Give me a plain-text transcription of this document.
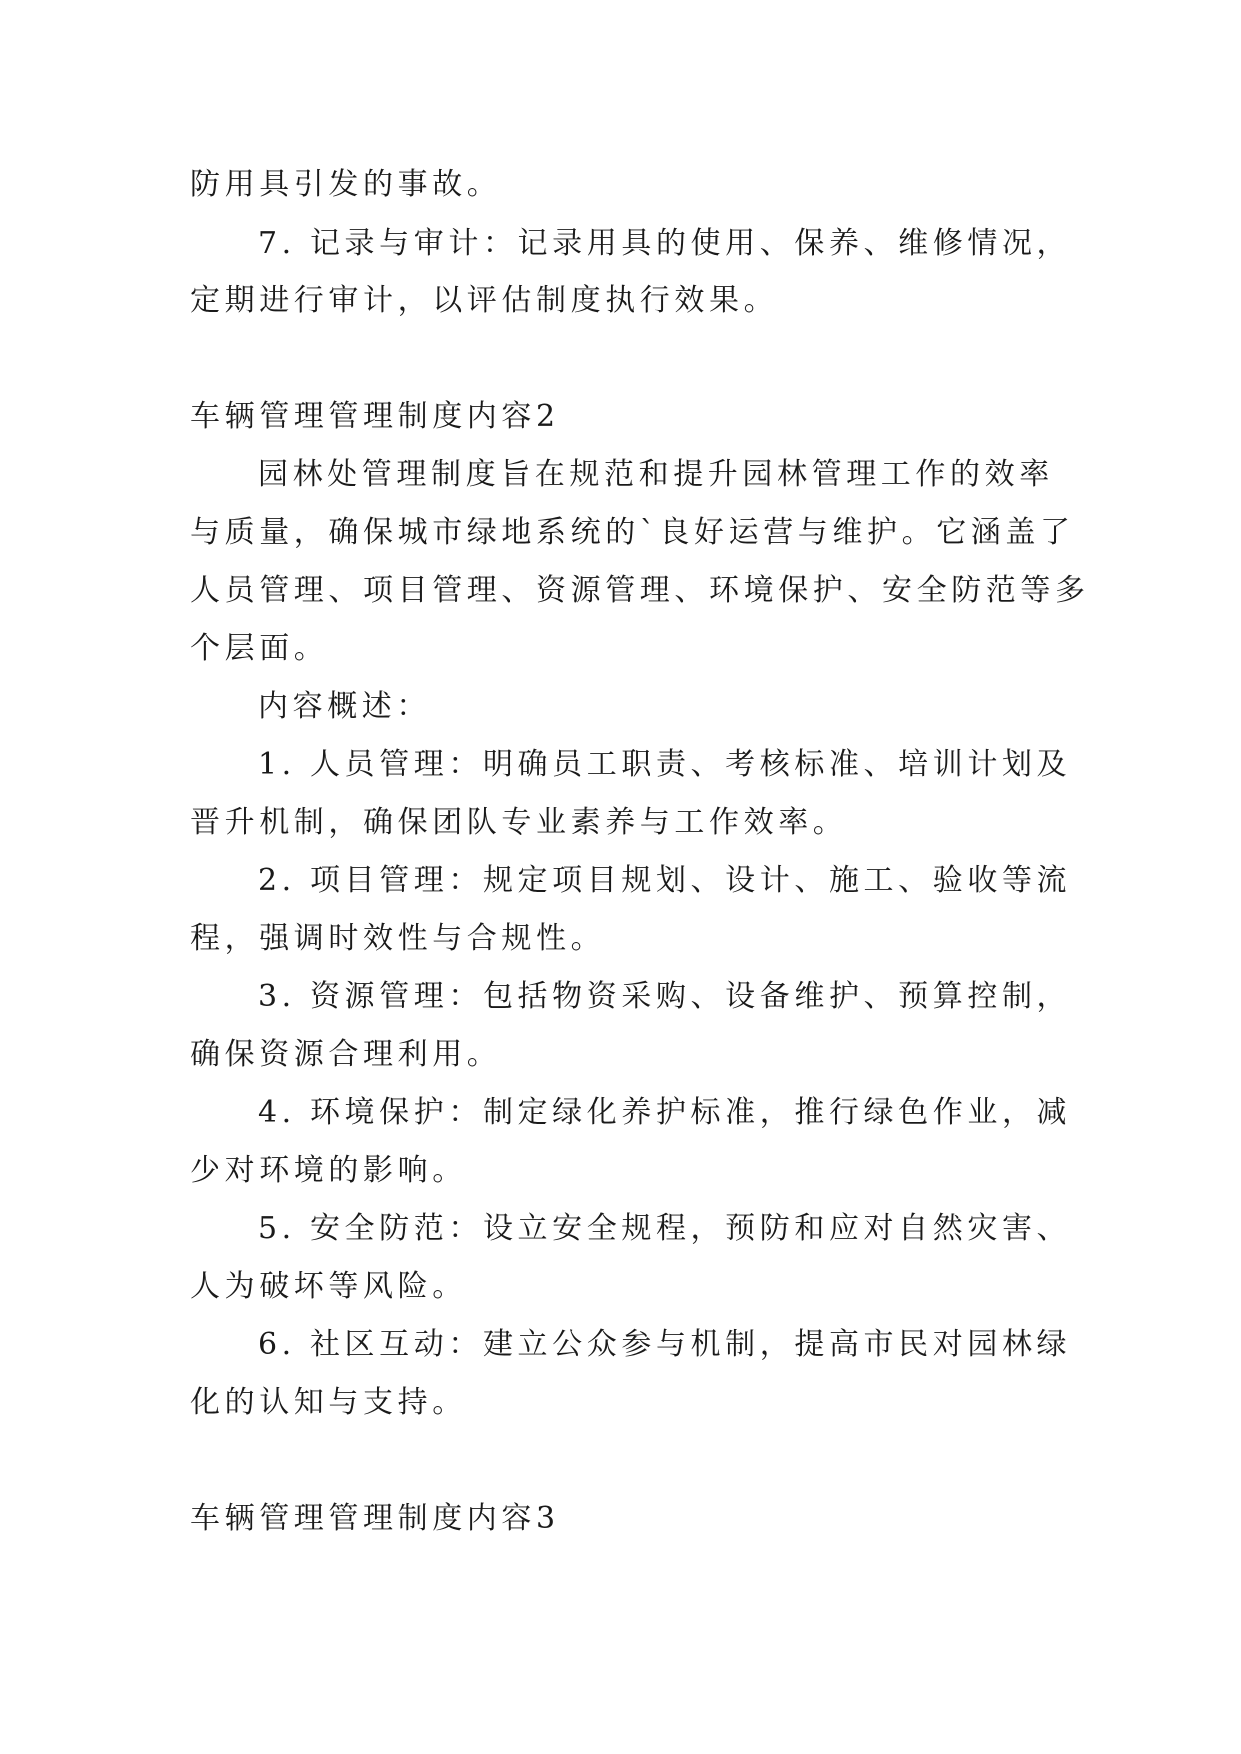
防用具引发的事故。
7. 记录与审计：记录用具的使用、保养、维修情况，
定期进行审计，以评估制度执行效果。
车辆管理管理制度内容2
园林处管理制度旨在规范和提升园林管理工作的效率
与质量，确保城市绿地系统的`良好运营与维护。它涵盖了
人员管理、项目管理、资源管理、环境保护、安全防范等多
个层面。
内容概述：
1. 人员管理：明确员工职责、考核标准、培训计划及
晋升机制，确保团队专业素养与工作效率。
2. 项目管理：规定项目规划、设计、施工、验收等流
程，强调时效性与合规性。
3. 资源管理：包括物资采购、设备维护、预算控制，
确保资源合理利用。
4. 环境保护：制定绿化养护标准，推行绿色作业，减
少对环境的影响。
5. 安全防范：设立安全规程，预防和应对自然灾害、
人为破坏等风险。
6. 社区互动：建立公众参与机制，提高市民对园林绿
化的认知与支持。
车辆管理管理制度内容3
